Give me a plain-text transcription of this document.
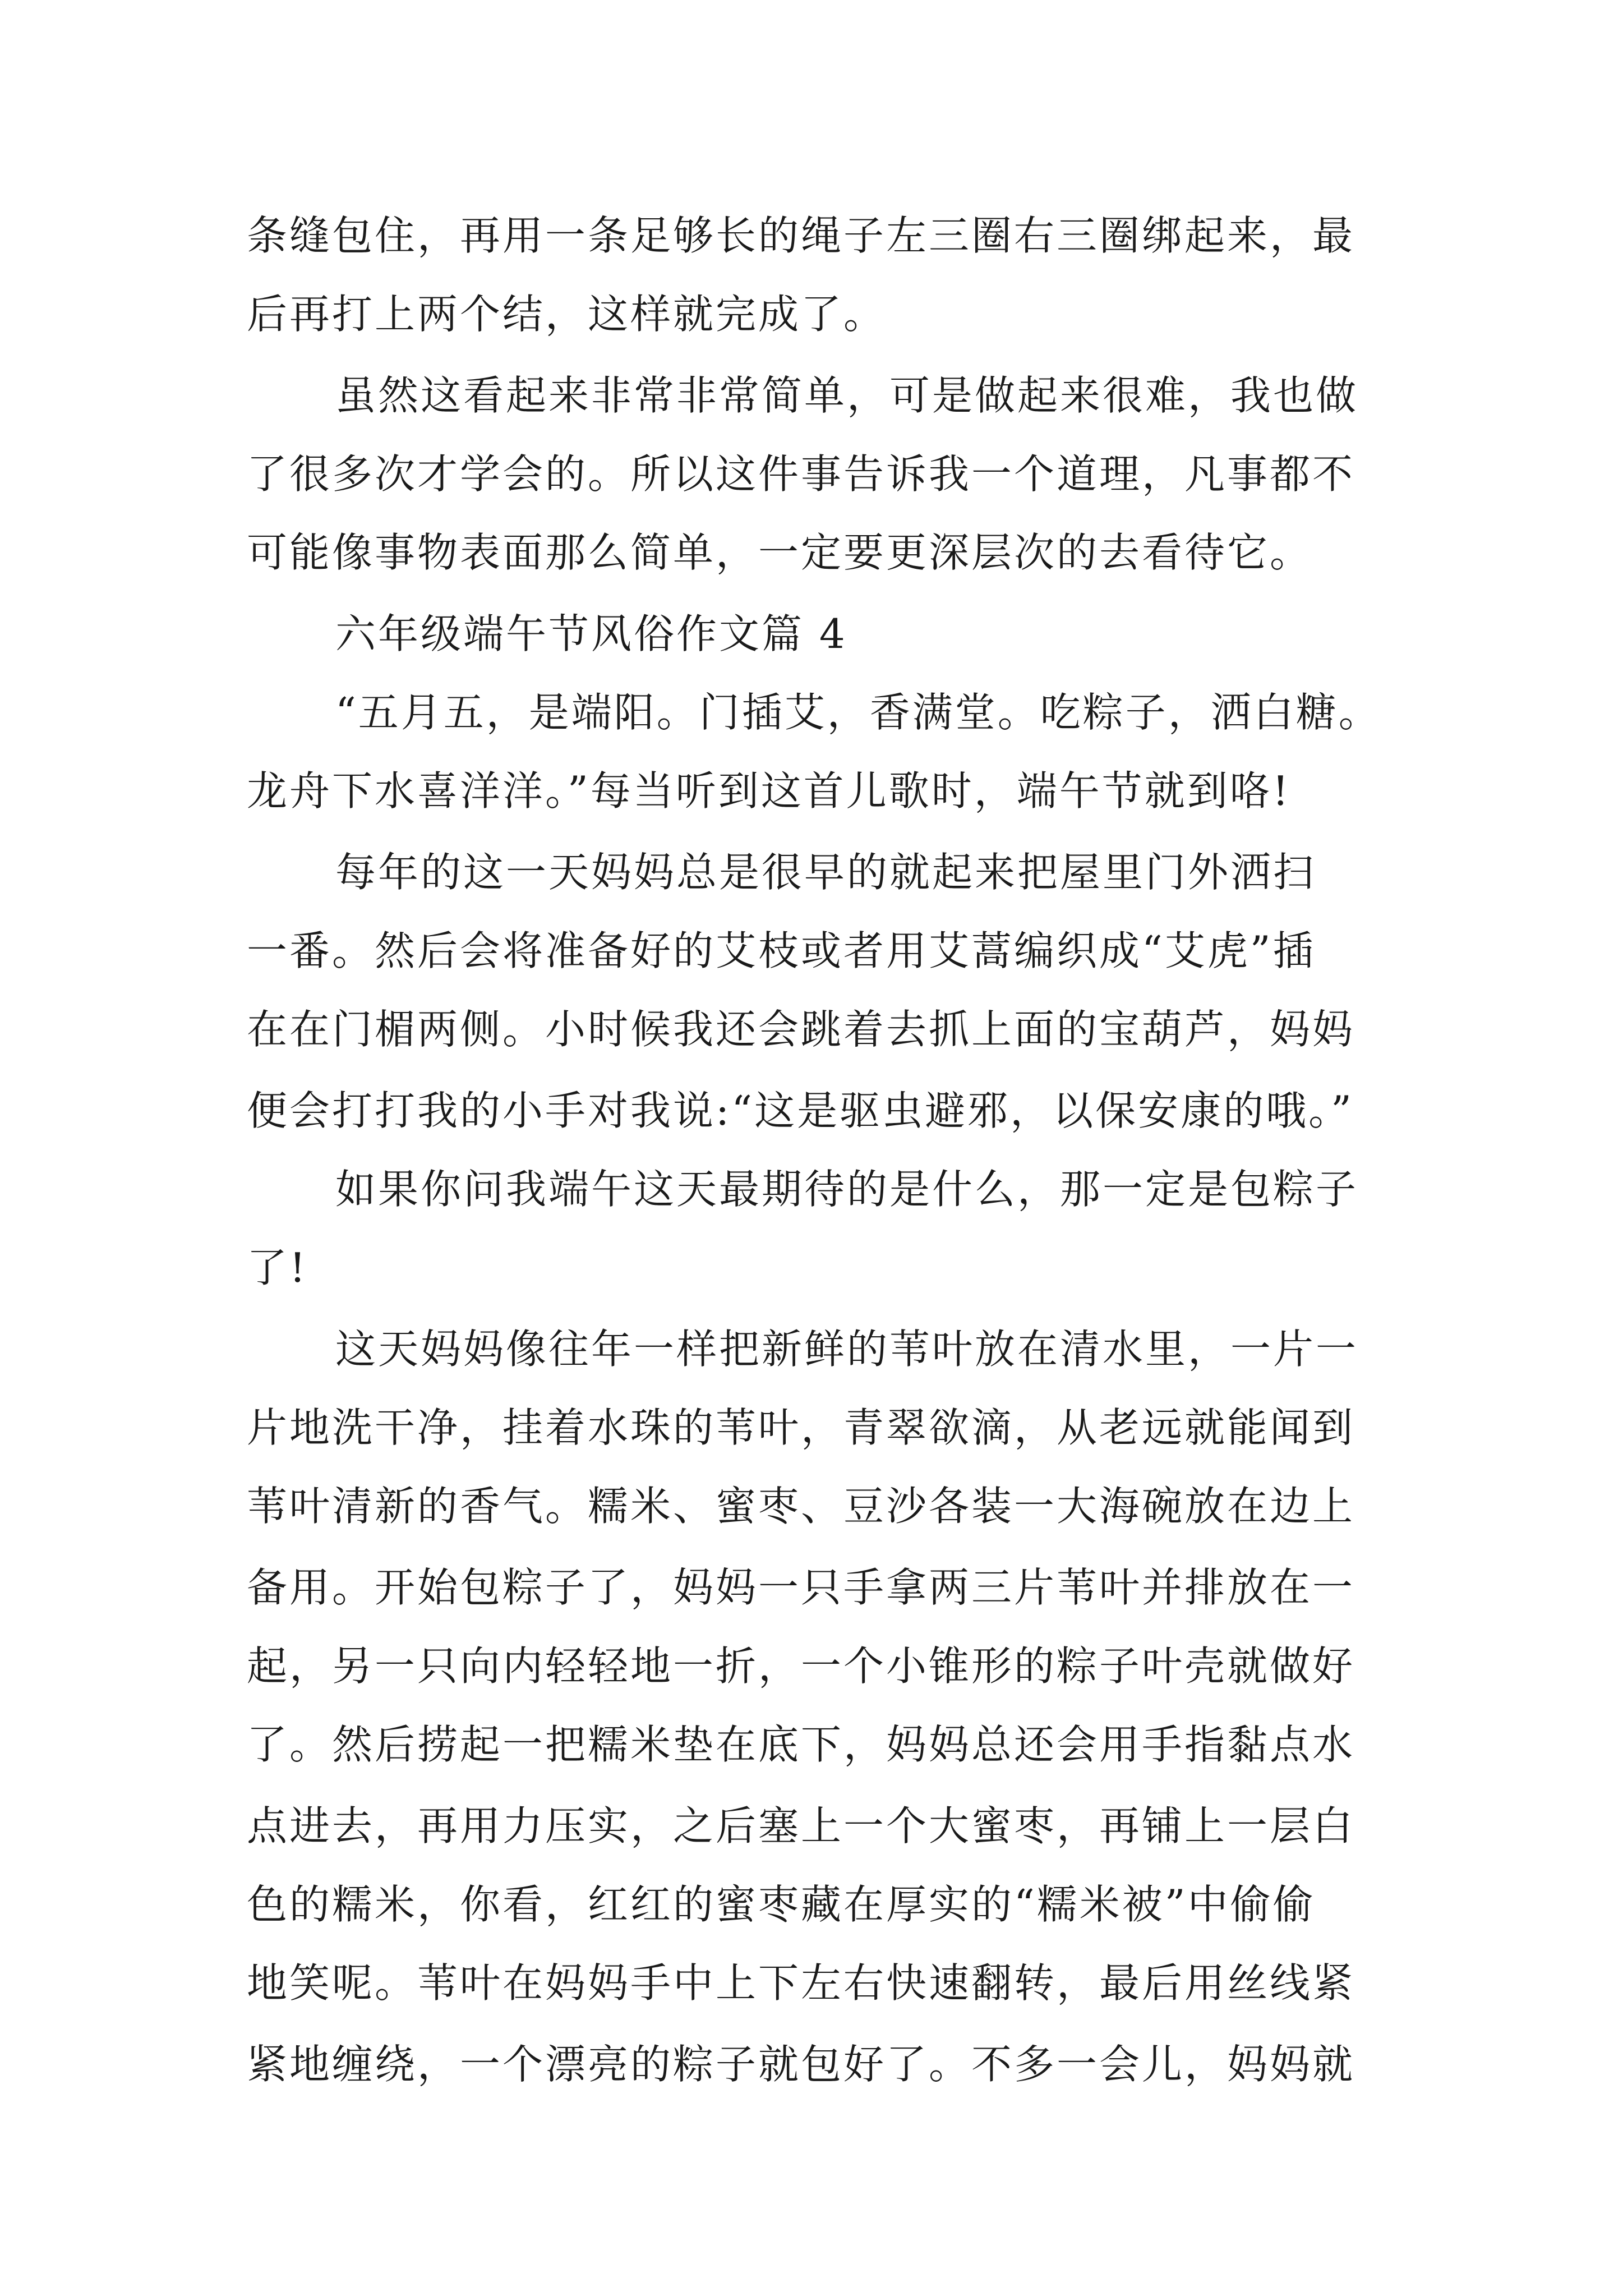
条缝包住，再用一条足够长的绳子左三圈右三圈绑起来，最
后再打上两个结，这样就完成了。
虽然这看起来非常非常简单，可是做起来很难，我也做
了很多次才学会的。所以这件事告诉我一个道理，凡事都不
可能像事物表面那么简单，一定要更深层次的去看待它。
六年级端午节风俗作文篇 4
“五月五，是端阳。门插艾，香满堂。吃粽子，洒白糖。
龙舟下水喜洋洋。”每当听到这首儿歌时，端午节就到咯!
每年的这一天妈妈总是很早的就起来把屋里门外洒扫
一番。然后会将准备好的艾枝或者用艾蒿编织成“艾虎”插
在在门楣两侧。小时候我还会跳着去抓上面的宝葫芦，妈妈
便会打打我的小手对我说:“这是驱虫避邪，以保安康的哦。”
如果你问我端午这天最期待的是什么，那一定是包粽子
了!
这天妈妈像往年一样把新鲜的苇叶放在清水里，一片一
片地洗干净，挂着水珠的苇叶，青翠欲滴，从老远就能闻到
苇叶清新的香气。糯米、蜜枣、豆沙各装一大海碗放在边上
备用。开始包粽子了，妈妈一只手拿两三片苇叶并排放在一
起，另一只向内轻轻地一折，一个小锥形的粽子叶壳就做好
了。然后捞起一把糯米垫在底下，妈妈总还会用手指黏点水
点进去，再用力压实，之后塞上一个大蜜枣，再铺上一层白
色的糯米，你看，红红的蜜枣藏在厚实的“糯米被”中偷偷
地笑呢。苇叶在妈妈手中上下左右快速翻转，最后用丝线紧
紧地缠绕，一个漂亮的粽子就包好了。不多一会儿，妈妈就
